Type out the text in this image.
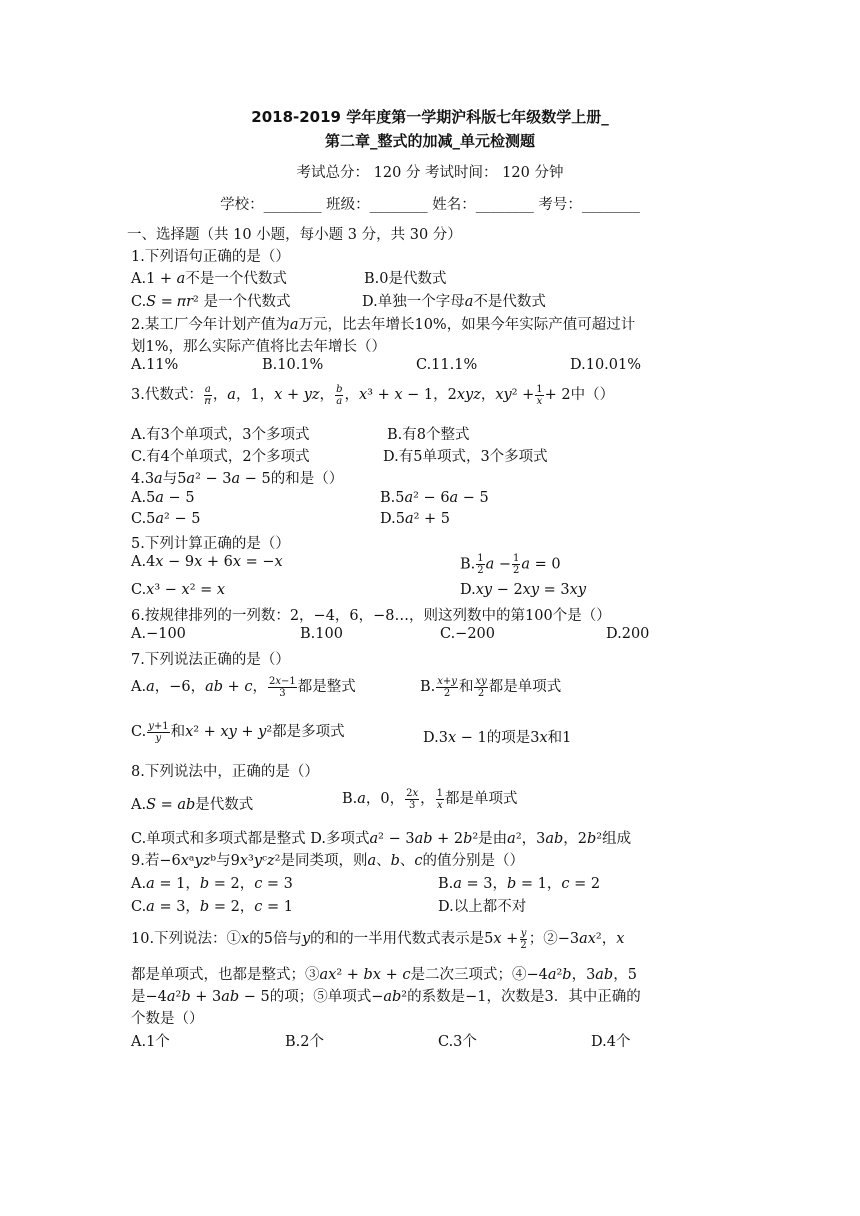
2018-2019 学年度第一学期沪科版七年级数学上册_
第二章_整式的加减_单元检测题
考试总分： 120 分 考试时间： 120 分钟
学校：________ 班级：________ 姓名：________ 考号：________
一、选择题（共 10 小题，每小题 3 分，共 30 分）
1.下列语句正确的是（）
A.1 + 𝑎不是一个代数式	B.0是代数式
C.𝑆 = 𝜋𝑟² 是一个代数式	D.单独一个字母𝑎不是代数式
2.某工厂今年计划产值为𝑎万元，比去年增长10%，如果今年实际产值可超过计
划1%，那么实际产值将比去年增长（）
A.11%	B.10.1%	C.11.1%	D.10.01%
3.代数式： $\frac{\text{𝑎}}{\text{𝜋}}$ ，𝑎，1，𝑥 + 𝑦𝑧， $\frac{\text{𝑏}}{\text{𝑎}}$ ，𝑥³ + 𝑥 − 1，2𝑥𝑦𝑧，𝑥𝑦² + $\frac{1}{\text{𝑥}} + 2$中（）
A.有3个单项式，3个多项式	B.有8个整式
C.有4个单项式，2个多项式	D.有5单项式，3个多项式
4.3𝑎与5𝑎² − 3𝑎 − 5的和是（）
A.5𝑎 − 5	B.5𝑎² − 6𝑎 − 5
C.5𝑎² − 5	D.5𝑎² + 5
5.下列计算正确的是（）
A.4𝑥 − 9𝑥 + 6𝑥 = −𝑥	B. $\frac{1}{2}$ 𝑎 − $\frac{1}{2}$ 𝑎 = 0
C.𝑥³ − 𝑥² = 𝑥	D.𝑥𝑦 − 2𝑥𝑦 = 3𝑥𝑦
6.按规律排列的一列数：2，−4，6，−8…，则这列数中的第100个是（）
A.−100	B.100	C.−200	D.200
7.下列说法正确的是（）
A.𝑎，−6，𝑎𝑏 + 𝑐， $\frac{\text{2𝑥−1}}{3}$ 都是整式	B. $\frac{\text{𝑥+𝑦}}{2}$ 和 $\frac{\text{𝑥𝑦}}{2}$ 都是单项式
C. $\frac{\text{𝑦+1}}{\text{𝑦}}$ 和𝑥² + 𝑥𝑦 + 𝑦²都是多项式	D.3𝑥 − 1的项是3𝑥和1
8.下列说法中，正确的是（）
A.𝑆 = 𝑎𝑏是代数式	B.𝑎，0， $\frac{\text{2𝑥}}{3}$ ， $\frac{1}{\text{𝑥}}$ 都是单项式
C.单项式和多项式都是整式 D.多项式𝑎² − 3𝑎𝑏 + 2𝑏²是由𝑎²，3𝑎𝑏，2𝑏²组成
9.若−6𝑥ᵃ𝑦𝑧ᵇ与9𝑥³𝑦ᶜ𝑧²是同类项，则𝑎、𝑏、𝑐的值分别是（）
A.𝑎 = 1，𝑏 = 2，𝑐 = 3	B.𝑎 = 3，𝑏 = 1，𝑐 = 2
C.𝑎 = 3，𝑏 = 2，𝑐 = 1	D.以上都不对
10.下列说法：①𝑥的5倍与𝑦的和的一半用代数式表示是5𝑥 + $\frac{\text{𝑦}}{2}$ ；②−3𝑎𝑥²，𝑥
都是单项式，也都是整式；③𝑎𝑥² + 𝑏𝑥 + 𝑐是二次三项式；④−4𝑎²𝑏，3𝑎𝑏，5
是−4𝑎²𝑏 + 3𝑎𝑏 − 5的项；⑤单项式−𝑎𝑏²的系数是−1，次数是3．其中正确的
个数是（）
A.1个	B.2个	C.3个	D.4个
